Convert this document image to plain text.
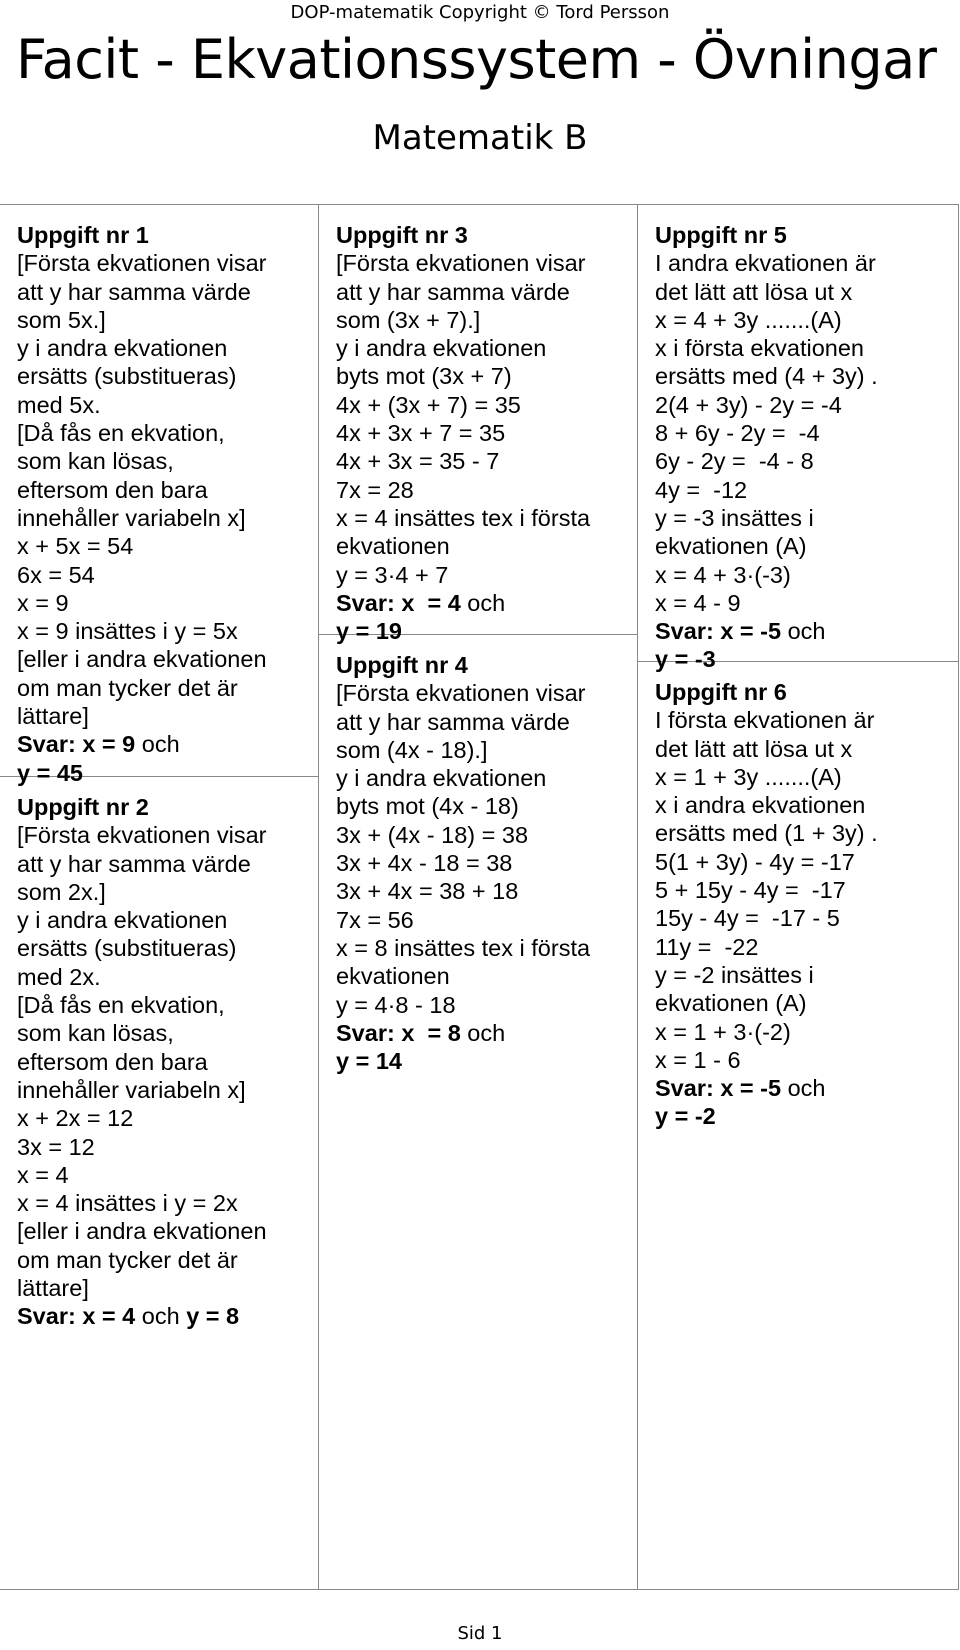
DOP-matematik Copyright © Tord Persson
Facit - Ekvationssystem - Övningar
Matematik B
Uppgift nr 1
[Första ekvationen visar
att y har samma värde
som 5x.]
y i andra ekvationen
ersätts (substitueras)
med 5x.
[Då fås en ekvation,
som kan lösas,
eftersom den bara
innehåller variabeln x]
x + 5x = 54
6x = 54
x = 9
x = 9 insättes i y = 5x
[eller i andra ekvationen
om man tycker det är
lättare]
Svar: x = 9 och
y = 45
Uppgift nr 2
[Första ekvationen visar
att y har samma värde
som 2x.]
y i andra ekvationen
ersätts (substitueras)
med 2x.
[Då fås en ekvation,
som kan lösas,
eftersom den bara
innehåller variabeln x]
x + 2x = 12
3x = 12
x = 4
x = 4 insättes i y = 2x
[eller i andra ekvationen
om man tycker det är
lättare]
Svar: x = 4 och y = 8
Uppgift nr 3
[Första ekvationen visar
att y har samma värde
som (3x + 7).]
y i andra ekvationen
byts mot (3x + 7)
4x + (3x + 7) = 35
4x + 3x + 7 = 35
4x + 3x = 35 - 7
7x = 28
x = 4 insättes tex i första
ekvationen
y = 3·4 + 7
Svar: x  = 4 och
y = 19
Uppgift nr 4
[Första ekvationen visar
att y har samma värde
som (4x - 18).]
y i andra ekvationen
byts mot (4x - 18)
3x + (4x - 18) = 38
3x + 4x - 18 = 38
3x + 4x = 38 + 18
7x = 56
x = 8 insättes tex i första
ekvationen
y = 4·8 - 18
Svar: x  = 8 och
y = 14
Uppgift nr 5
I andra ekvationen är
det lätt att lösa ut x
x = 4 + 3y .......(A)
x i första ekvationen
ersätts med (4 + 3y) .
2(4 + 3y) - 2y = -4
8 + 6y - 2y =  -4
6y - 2y =  -4 - 8
4y =  -12
y = -3 insättes i
ekvationen (A)
x = 4 + 3·(-3)
x = 4 - 9
Svar: x = -5 och
y = -3
Uppgift nr 6
I första ekvationen är
det lätt att lösa ut x
x = 1 + 3y .......(A)
x i andra ekvationen
ersätts med (1 + 3y) .
5(1 + 3y) - 4y = -17
5 + 15y - 4y =  -17
15y - 4y =  -17 - 5
11y =  -22
y = -2 insättes i
ekvationen (A)
x = 1 + 3·(-2)
x = 1 - 6
Svar: x = -5 och
y = -2
Sid 1
